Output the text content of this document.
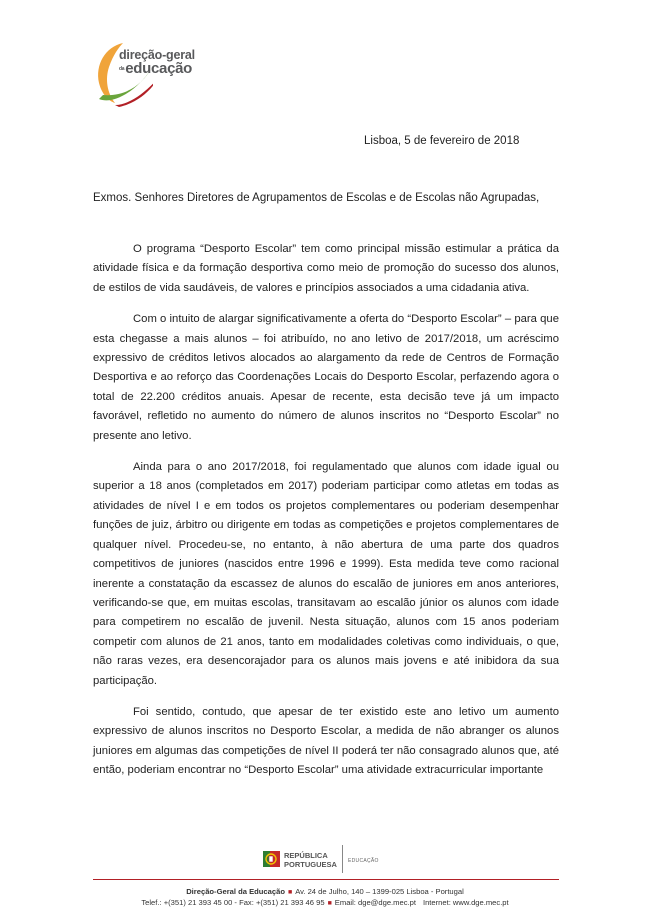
direção-geral
daeducação
Lisboa, 5 de fevereiro de 2018
Exmos. Senhores Diretores de Agrupamentos de Escolas e de Escolas não Agrupadas,

O programa “Desporto Escolar” tem como principal missão estimular a prática da atividade física e da formação desportiva como meio de promoção do sucesso dos alunos, de estilos de vida saudáveis, de valores e princípios associados a uma cidadania ativa.

Com o intuito de alargar significativamente a oferta do “Desporto Escolar” – para que esta chegasse a mais alunos – foi atribuído, no ano letivo de 2017/2018, um acréscimo expressivo de créditos letivos alocados ao alargamento da rede de Centros de Formação Desportiva e ao reforço das Coordenações Locais do Desporto Escolar, perfazendo agora o total de 22.200 créditos anuais. Apesar de recente, esta decisão teve já um impacto favorável, refletido no aumento do número de alunos inscritos no “Desporto Escolar” no presente ano letivo.

Ainda para o ano 2017/2018, foi regulamentado que alunos com idade igual ou superior a 18 anos (completados em 2017) poderiam participar como atletas em todas as atividades de nível I e em todos os projetos complementares ou poderiam desempenhar funções de juiz, árbitro ou dirigente em todas as competições e projetos complementares de qualquer nível. Procedeu-se, no entanto, à não abertura de uma parte dos quadros competitivos de juniores (nascidos entre 1996 e 1999). Esta medida teve como racional inerente a constatação da escassez de alunos do escalão de juniores em anos anteriores, verificando-se que, em muitas escolas, transitavam ao escalão júnior os alunos com idade para competirem no escalão de juvenil. Nesta situação, alunos com 15 anos poderiam competir com alunos de 21 anos, tanto em modalidades coletivas como individuais, o que, não raras vezes, era desencorajador para os alunos mais jovens e até inibidora da sua participação.

Foi sentido, contudo, que apesar de ter existido este ano letivo um aumento expressivo de alunos inscritos no Desporto Escolar, a medida de não abranger os alunos juniores em algumas das competições de nível II poderá ter não consagrado alunos que, até então, poderiam encontrar no “Desporto Escolar” uma atividade extracurricular importante

REPÚBLICA
PORTUGUESA EDUCAÇÃO
Direção-Geral da Educação ■ Av. 24 de Julho, 140 – 1399-025 Lisboa - Portugal
Telef.: +(351) 21 393 45 00 - Fax: +(351) 21 393 46 95 ■ Email: dge@dge.mec.pt Internet: www.dge.mec.pt
